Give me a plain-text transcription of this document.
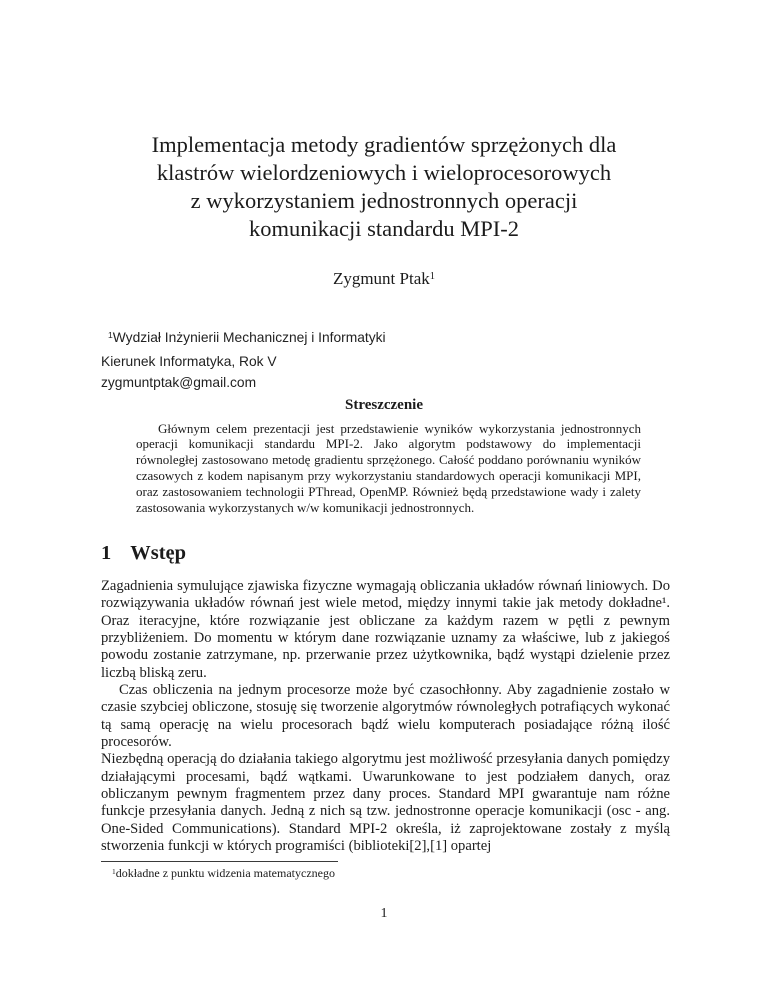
Implementacja metody gradientów sprzężonych dla
klastrów wielordzeniowych i wieloprocesorowych
z wykorzystaniem jednostronnych operacji
komunikacji standardu MPI-2
Zygmunt Ptak1
1Wydział Inżynierii Mechanicznej i Informatyki
Kierunek Informatyka, Rok V
zygmuntptak@gmail.com
Streszczenie
Głównym celem prezentacji jest przedstawienie wyników wykorzystania jednostronnych operacji komunikacji standardu MPI-2. Jako algorytm podstawowy do implementacji równoległej zastosowano metodę gradientu sprzężonego. Całość poddano porównaniu wyników czasowych z kodem napisanym przy wykorzystaniu standardowych operacji komunikacji MPI, oraz zastosowaniem technologii PThread, OpenMP. Również będą przedstawione wady i zalety zastosowania wykorzystanych w/w komunikacji jednostronnych.
1 Wstęp

Zagadnienia symulujące zjawiska fizyczne wymagają obliczania układów równań liniowych. Do rozwiązywania układów równań jest wiele metod, między innymi takie jak metody dokładne¹. Oraz iteracyjne, które rozwiązanie jest obliczane za każdym razem w pętli z pewnym przybliżeniem. Do momentu w którym dane rozwiązanie uznamy za właściwe, lub z jakiegoś powodu zostanie zatrzymane, np. przerwanie przez użytkownika, bądź wystąpi dzielenie przez liczbą bliską zeru.

Czas obliczenia na jednym procesorze może być czasochłonny. Aby zagadnienie zostało w czasie szybciej obliczone, stosuję się tworzenie algorytmów równoległych potrafiących wykonać tą samą operację na wielu procesorach bądź wielu komputerach posiadające różną ilość procesorów.

Niezbędną operacją do działania takiego algorytmu jest możliwość przesyłania danych pomiędzy działającymi procesami, bądź wątkami. Uwarunkowane to jest podziałem danych, oraz obliczanym pewnym fragmentem przez dany proces. Standard MPI gwarantuje nam różne funkcje przesyłania danych. Jedną z nich są tzw. jednostronne operacje komunikacji (osc - ang. One-Sided Communications). Standard MPI-2 określa, iż zaprojektowane zostały z myślą stworzenia funkcji w których programiści (biblioteki[2],[1] opartej

1dokładne z punktu widzenia matematycznego
1
